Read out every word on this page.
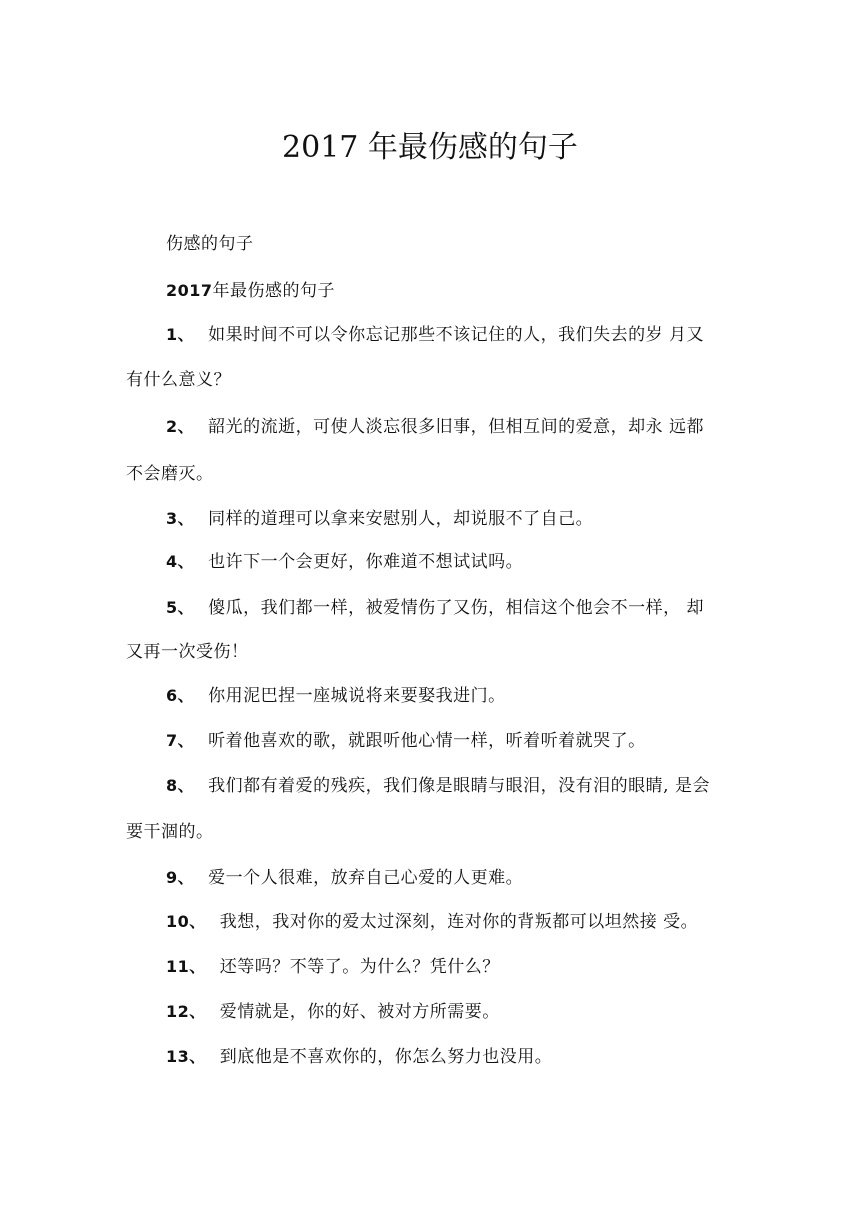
2017 年最伤感的句子
伤感的句子
2017年最伤感的句子
1、 如果时间不可以令你忘记那些不该记住的人，我们失去的岁 月又
有什么意义？
2、 韶光的流逝，可使人淡忘很多旧事，但相互间的爱意，却永 远都
不会磨灭。
3、 同样的道理可以拿来安慰别人，却说服不了自己。
4、 也许下一个会更好，你难道不想试试吗。
5、 傻瓜，我们都一样，被爱情伤了又伤，相信这个他会不一样， 却
又再一次受伤！
6、 你用泥巴捏一座城说将来要娶我进门。
7、 听着他喜欢的歌，就跟听他心情一样，听着听着就哭了。
8、 我们都有着爱的残疾，我们像是眼睛与眼泪，没有泪的眼睛, 是会
要干涸的。
9、 爱一个人很难，放弃自己心爱的人更难。
10、 我想，我对你的爱太过深刻，连对你的背叛都可以坦然接 受。
11、 还等吗？不等了。为什么？凭什么？
12、 爱情就是，你的好、被对方所需要。
13、 到底他是不喜欢你的，你怎么努力也没用。
